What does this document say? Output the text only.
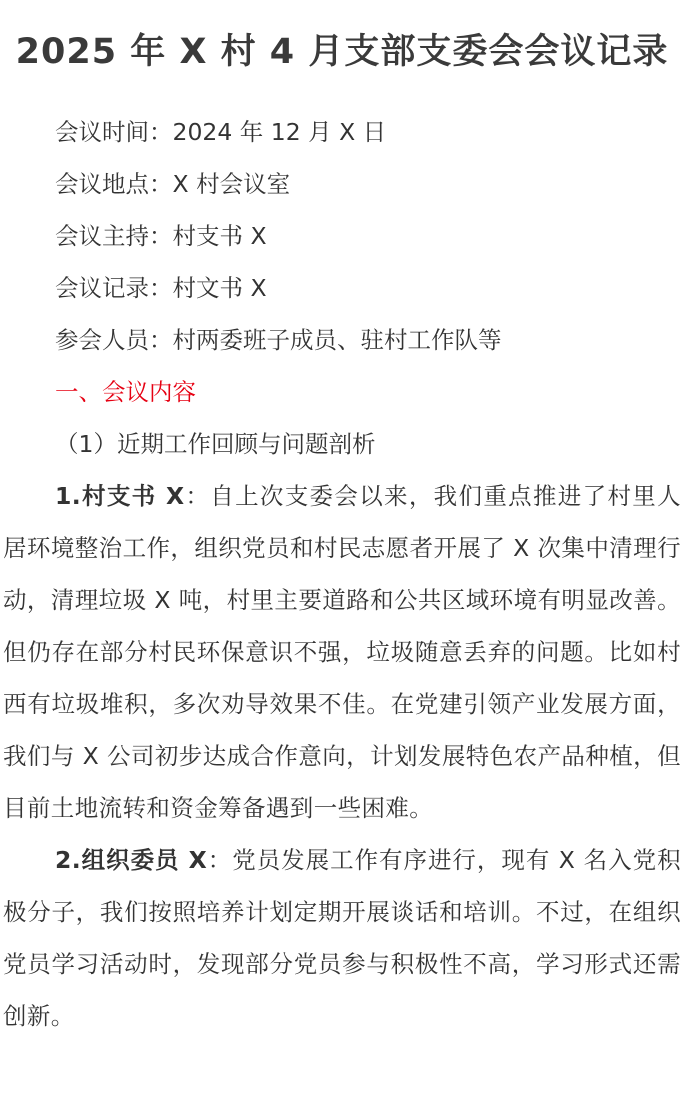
2025 年 X 村 4 月支部支委会会议记录
会议时间：2024 年 12 月 X 日
会议地点：X 村会议室
会议主持：村支书 X
会议记录：村文书 X
参会人员：村两委班子成员、驻村工作队等
一、会议内容
（1）近期工作回顾与问题剖析

1.村支书 X：自上次支委会以来，我们重点推进了村里人居环境整治工作，组织党员和村民志愿者开展了 X 次集中清理行动，清理垃圾 X 吨，村里主要道路和公共区域环境有明显改善。但仍存在部分村民环保意识不强，垃圾随意丢弃的问题。比如村西有垃圾堆积，多次劝导效果不佳。在党建引领产业发展方面，我们与 X 公司初步达成合作意向，计划发展特色农产品种植，但目前土地流转和资金筹备遇到一些困难。

2.组织委员 X：党员发展工作有序进行，现有 X 名入党积极分子，我们按照培养计划定期开展谈话和培训。不过，在组织党员学习活动时，发现部分党员参与积极性不高，学习形式还需创新。
